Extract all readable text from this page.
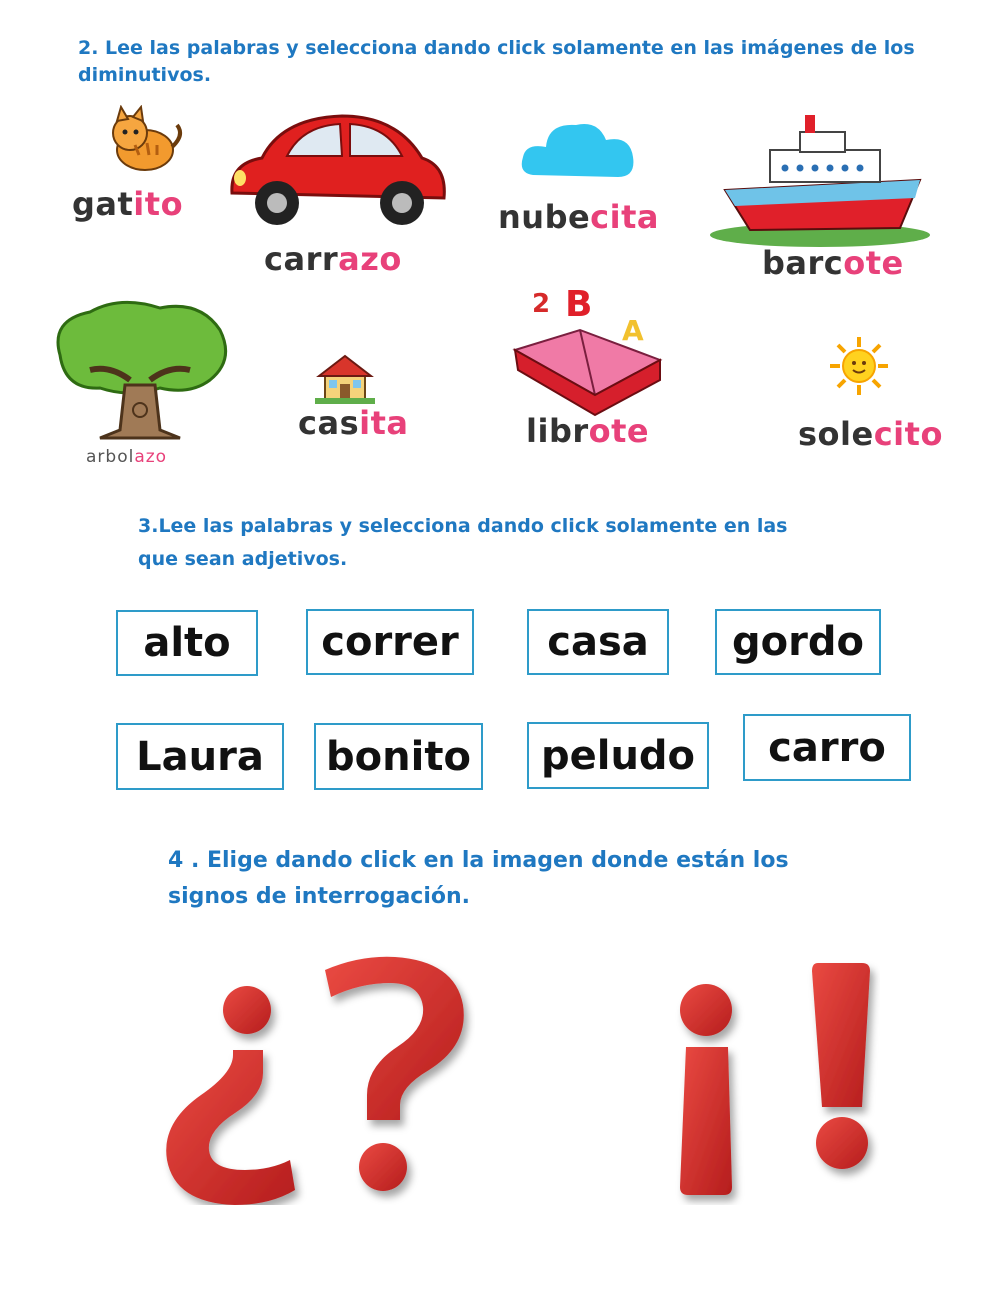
2. Lee las palabras y selecciona dando click solamente en las imágenes de los diminutivos.
gatito
carrazo
nubecita
barcote
arbolazo
casita
2 B
A
librote	solecito
3.Lee las palabras y selecciona dando click solamente en las
que sean adjetivos.
alto	correr	casa	gordo
Laura	bonito	peludo	carro
4 . Elige dando click en la imagen donde están los
signos de interrogación.
